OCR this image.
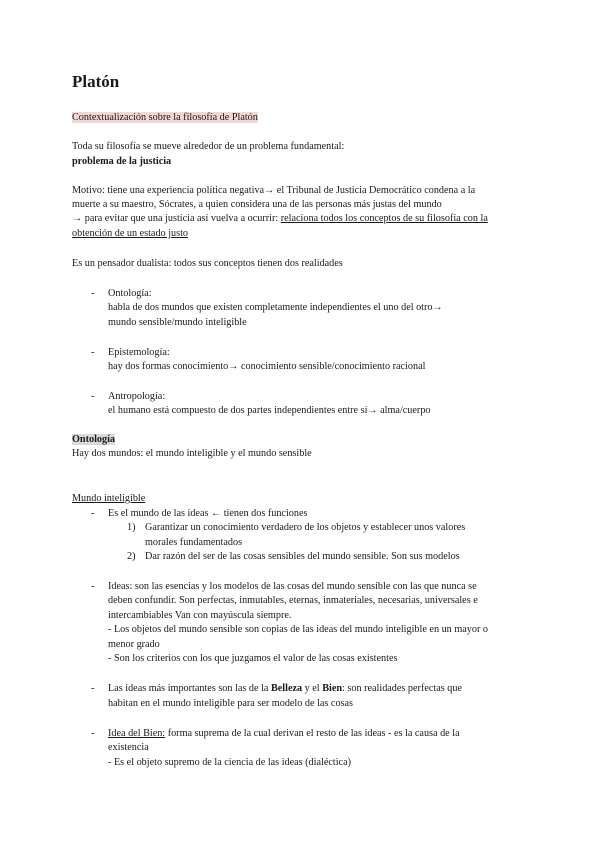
Platón
Contextualización sobre la filosofía de Platón
Toda su filosofía se mueve alrededor de un problema fundamental:
problema de la justicia
Motivo: tiene una experiencia política negativa→ el Tribunal de Justicia Democrático condena a la
muerte a su maestro, Sócrates, a quien considera una de las personas más justas del mundo
→ para evitar que una justicia así vuelva a ocurrir: relaciona todos los conceptos de su filosofía con la
obtención de un estado justo
Es un pensador dualista: todos sus conceptos tienen dos realidades
- Ontología:
habla de dos mundos que existen completamente independientes el uno del otro→
mundo sensible/mundo inteligible
- Epistemología:
hay dos formas conocimiento→ conocimiento sensible/conocimiento racional
- Antropología:
el humano está compuesto de dos partes independientes entre sí→ alma/cuerpo
Ontología
Hay dos mundos: el mundo inteligible y el mundo sensible
Mundo inteligible
- Es el mundo de las ideas ← tienen dos funciones
1) Garantizar un conocimiento verdadero de los objetos y establecer unos valores
morales fundamentados
2) Dar razón del ser de las cosas sensibles del mundo sensible. Son sus modelos
- Ideas: son las esencias y los modelos de las cosas del mundo sensible con las que nunca se
deben confundir. Son perfectas, inmutables, eternas, inmateriales, necesarias, universales e
intercambiables Van con mayúscula siempre.
- Los objetos del mundo sensible son copias de las ideas del mundo inteligible en un mayor o
menor grado
- Son los criterios con los que juzgamos el valor de las cosas existentes
- Las ideas más importantes son las de la Belleza y el Bien: son realidades perfectas que
habitan en el mundo inteligible para ser modelo de las cosas
- Idea del Bien: forma suprema de la cual derivan el resto de las ideas - es la causa de la
existencia
- Es el objeto supremo de la ciencia de las ideas (dialéctica)
